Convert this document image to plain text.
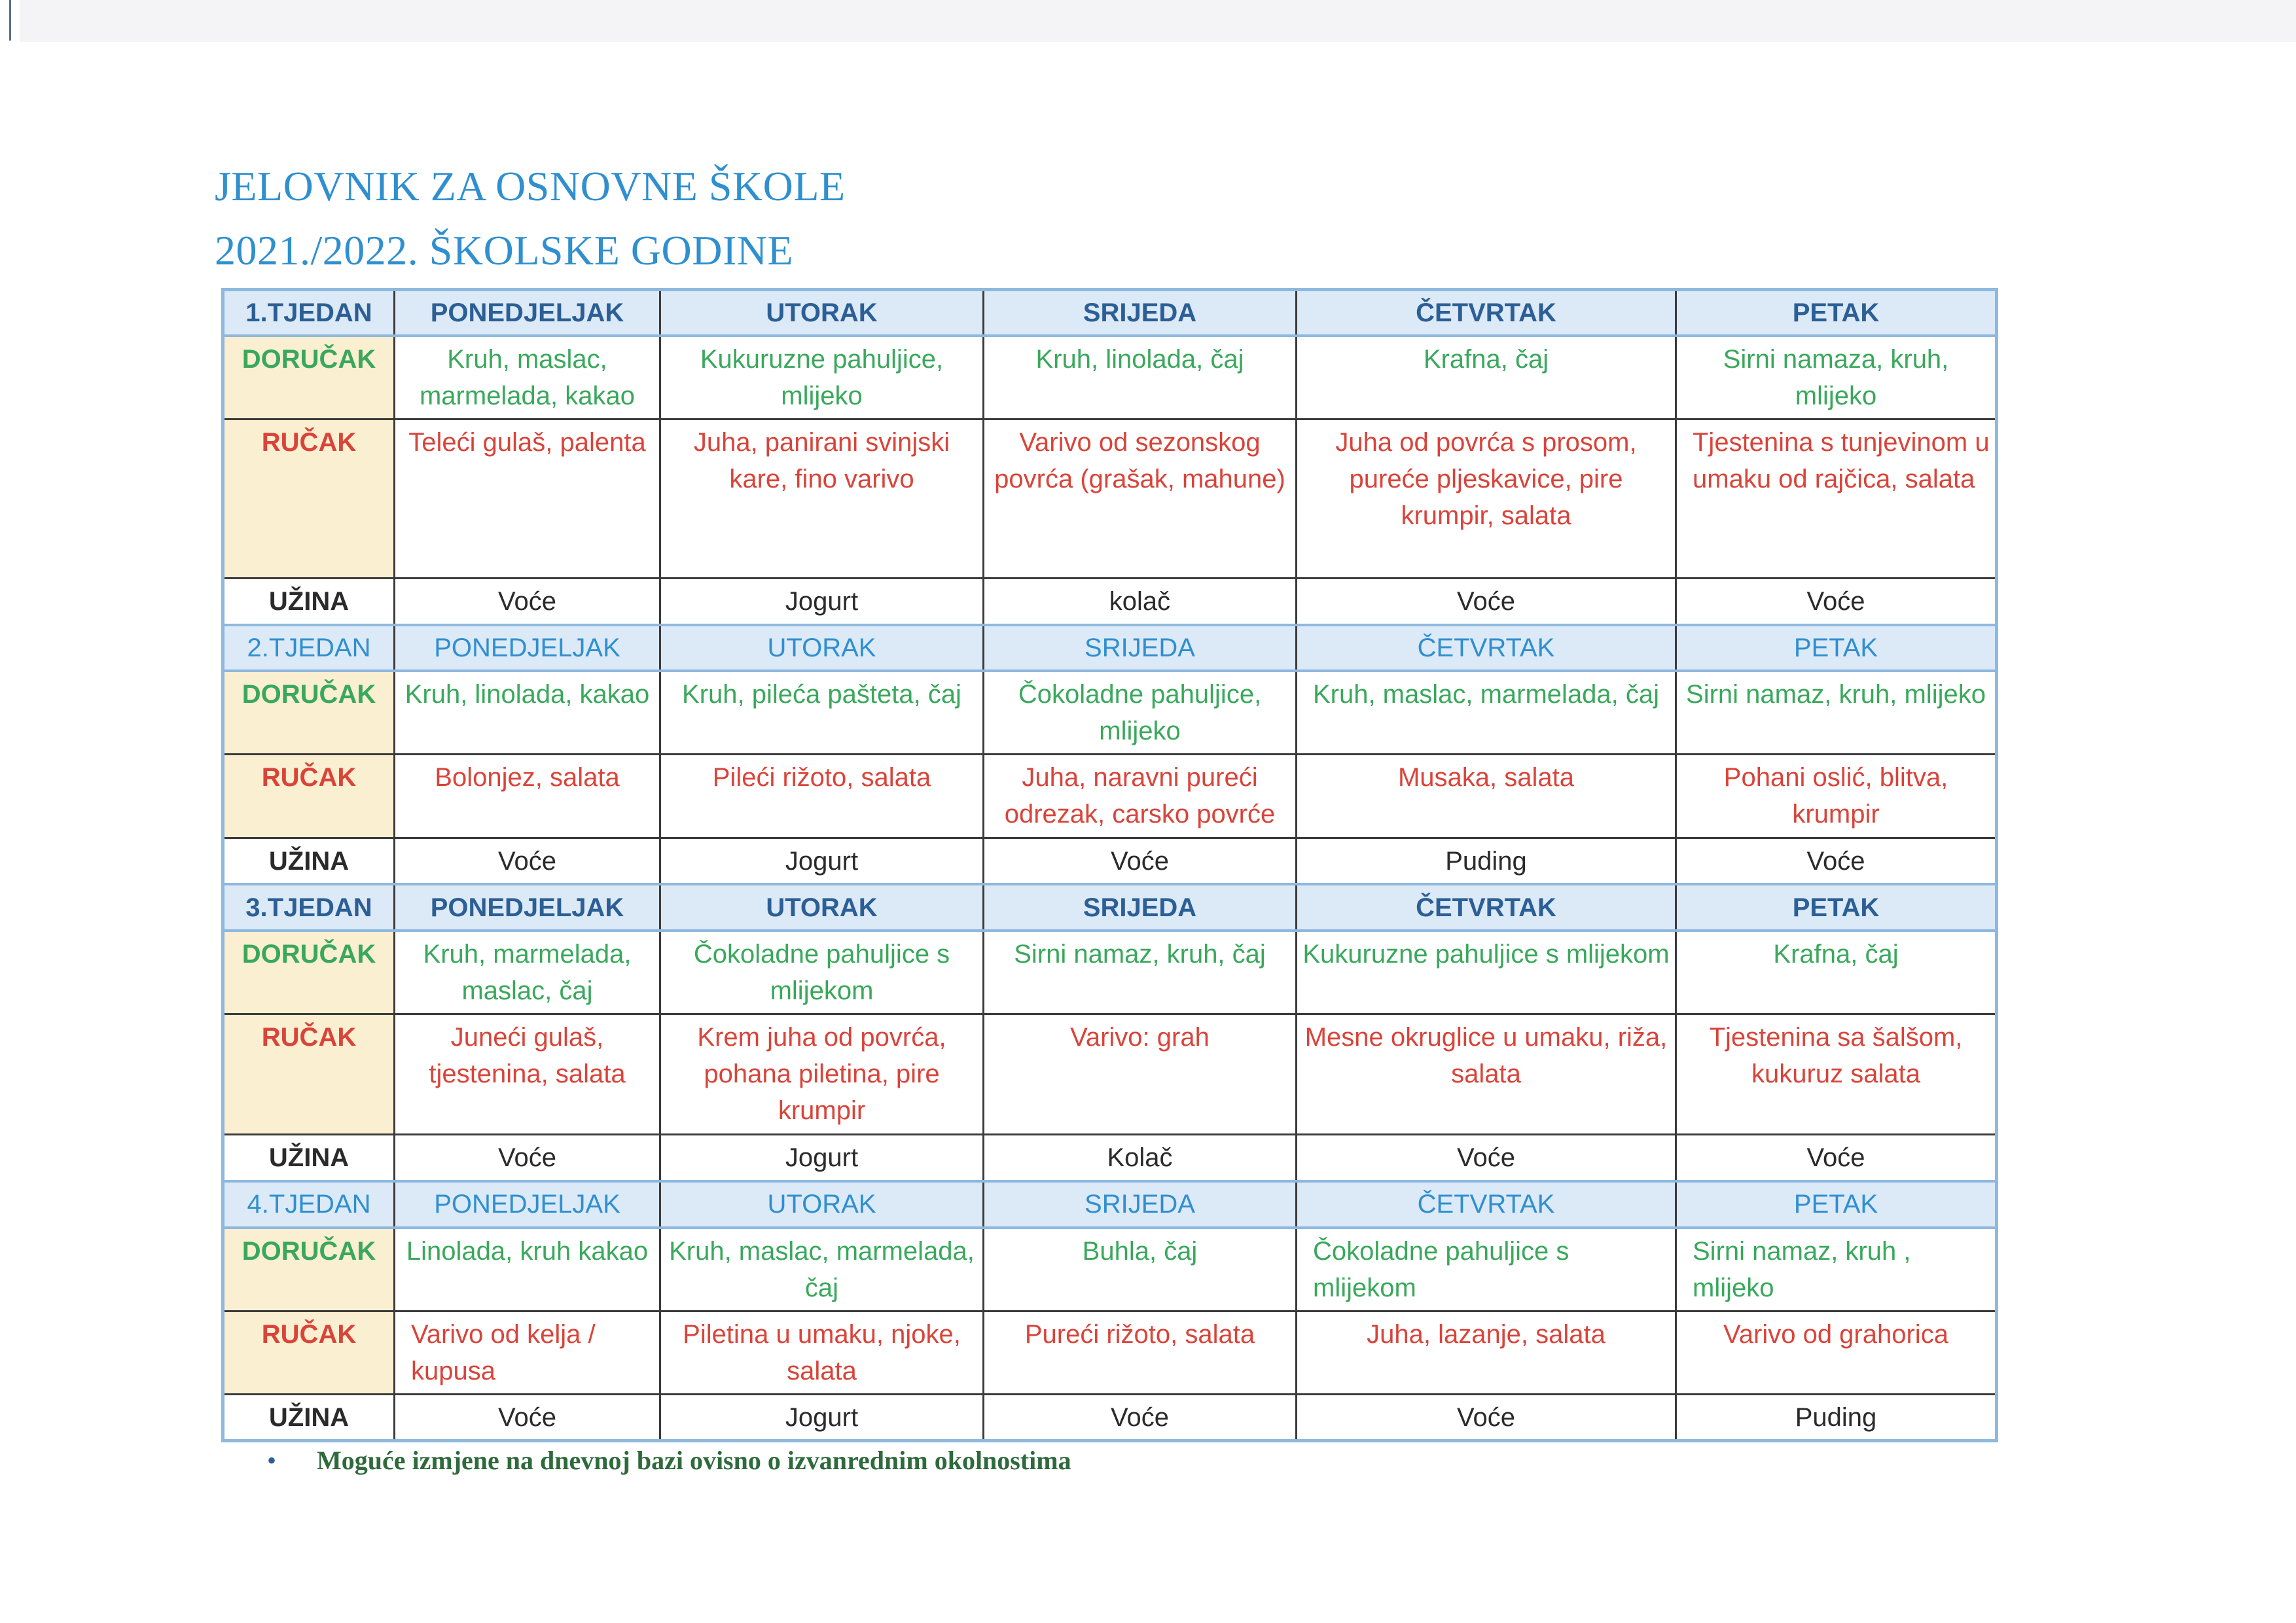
JELOVNIK ZA OSNOVNE ŠKOLE
2021./2022. ŠKOLSKE GODINE
1.TJEDAN	PONEDJELJAK	UTORAK	SRIJEDA	ČETVRTAK	PETAK
DORUČAK	Kruh, maslac, marmelada, kakao	Kukuruzne pahuljice, mlijeko	Kruh, linolada, čaj	Krafna, čaj	Sirni namaza, kruh, mlijeko
RUČAK	Teleći gulaš, palenta	Juha, panirani svinjski kare, fino varivo	Varivo od sezonskog povrća (grašak, mahune)	Juha od povrća s prosom, pureće pljeskavice, pire krumpir, salata	Tjestenina s tunjevinom u umaku od rajčica, salata
UŽINA	Voće	Jogurt	kolač	Voće	Voće
2.TJEDAN	PONEDJELJAK	UTORAK	SRIJEDA	ČETVRTAK	PETAK
DORUČAK	Kruh, linolada, kakao	Kruh, pileća pašteta, čaj	Čokoladne pahuljice, mlijeko	Kruh, maslac, marmelada, čaj	Sirni namaz, kruh, mlijeko
RUČAK	Bolonjez, salata	Pileći rižoto, salata	Juha, naravni pureći odrezak, carsko povrće	Musaka, salata	Pohani oslić, blitva, krumpir
UŽINA	Voće	Jogurt	Voće	Puding	Voće
3.TJEDAN	PONEDJELJAK	UTORAK	SRIJEDA	ČETVRTAK	PETAK
DORUČAK	Kruh, marmelada, maslac, čaj	Čokoladne pahuljice s mlijekom	Sirni namaz, kruh, čaj	Kukuruzne pahuljice s mlijekom	Krafna, čaj
RUČAK	Juneći gulaš, tjestenina, salata	Krem juha od povrća, pohana piletina, pire krumpir	Varivo: grah	Mesne okruglice u umaku, riža, salata	Tjestenina sa šalšom, kukuruz salata
UŽINA	Voće	Jogurt	Kolač	Voće	Voće
4.TJEDAN	PONEDJELJAK	UTORAK	SRIJEDA	ČETVRTAK	PETAK
DORUČAK	Linolada, kruh kakao	Kruh, maslac, marmelada, čaj	Buhla, čaj	Čokoladne pahuljice s mlijekom	Sirni namaz, kruh , mlijeko
RUČAK	Varivo od kelja / kupusa	Piletina u umaku, njoke, salata	Pureći rižoto, salata	Juha, lazanje, salata	Varivo od grahorica
UŽINA	Voće	Jogurt	Voće	Voće	Puding
• Moguće izmjene na dnevnoj bazi ovisno o izvanrednim okolnostima
